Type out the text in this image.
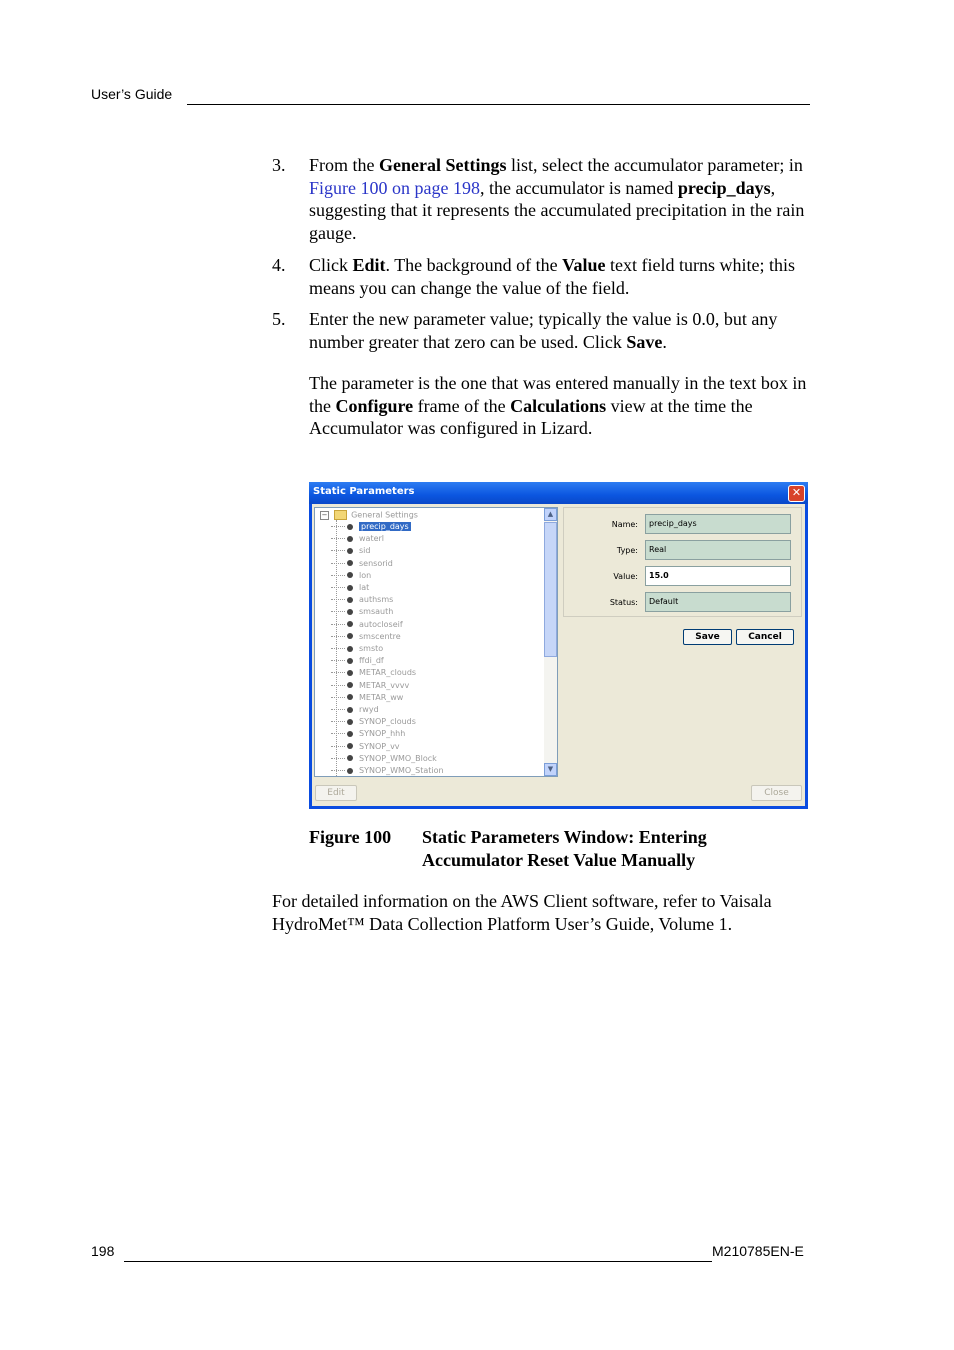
User’s Guide
3. From the General Settings list, select the accumulator parameter; in Figure 100 on page 198, the accumulator is named precip_days, suggesting that it represents the accumulated precipitation in the rain gauge.
4. Click Edit. The background of the Value text field turns white; this means you can change the value of the field.
5. Enter the new parameter value; typically the value is 0.0, but any number greater that zero can be used. Click Save.
The parameter is the one that was entered manually in the text box in the Configure frame of the Calculations view at the time the Accumulator was configured in Lizard.
Static Parameters	✕
−	General Settings
precip_days
waterl
sid
sensorid
lon
lat
authsms
smsauth
autocloseif
smscentre
smsto
ffdi_df
METAR_clouds
METAR_vvvv
METAR_ww
rwyd
SYNOP_clouds
SYNOP_hhh
SYNOP_vv
SYNOP_WMO_Block
SYNOP_WMO_Station
▲
▼
Name:	precip_days
Type:	Real
Value:	15.0
Status:	Default
Save	Cancel
Edit	Close
Figure 100 Static Parameters Window: Entering Accumulator Reset Value Manually
For detailed information on the AWS Client software, refer to Vaisala HydroMet™ Data Collection Platform User’s Guide, Volume 1.
198	M210785EN-E
